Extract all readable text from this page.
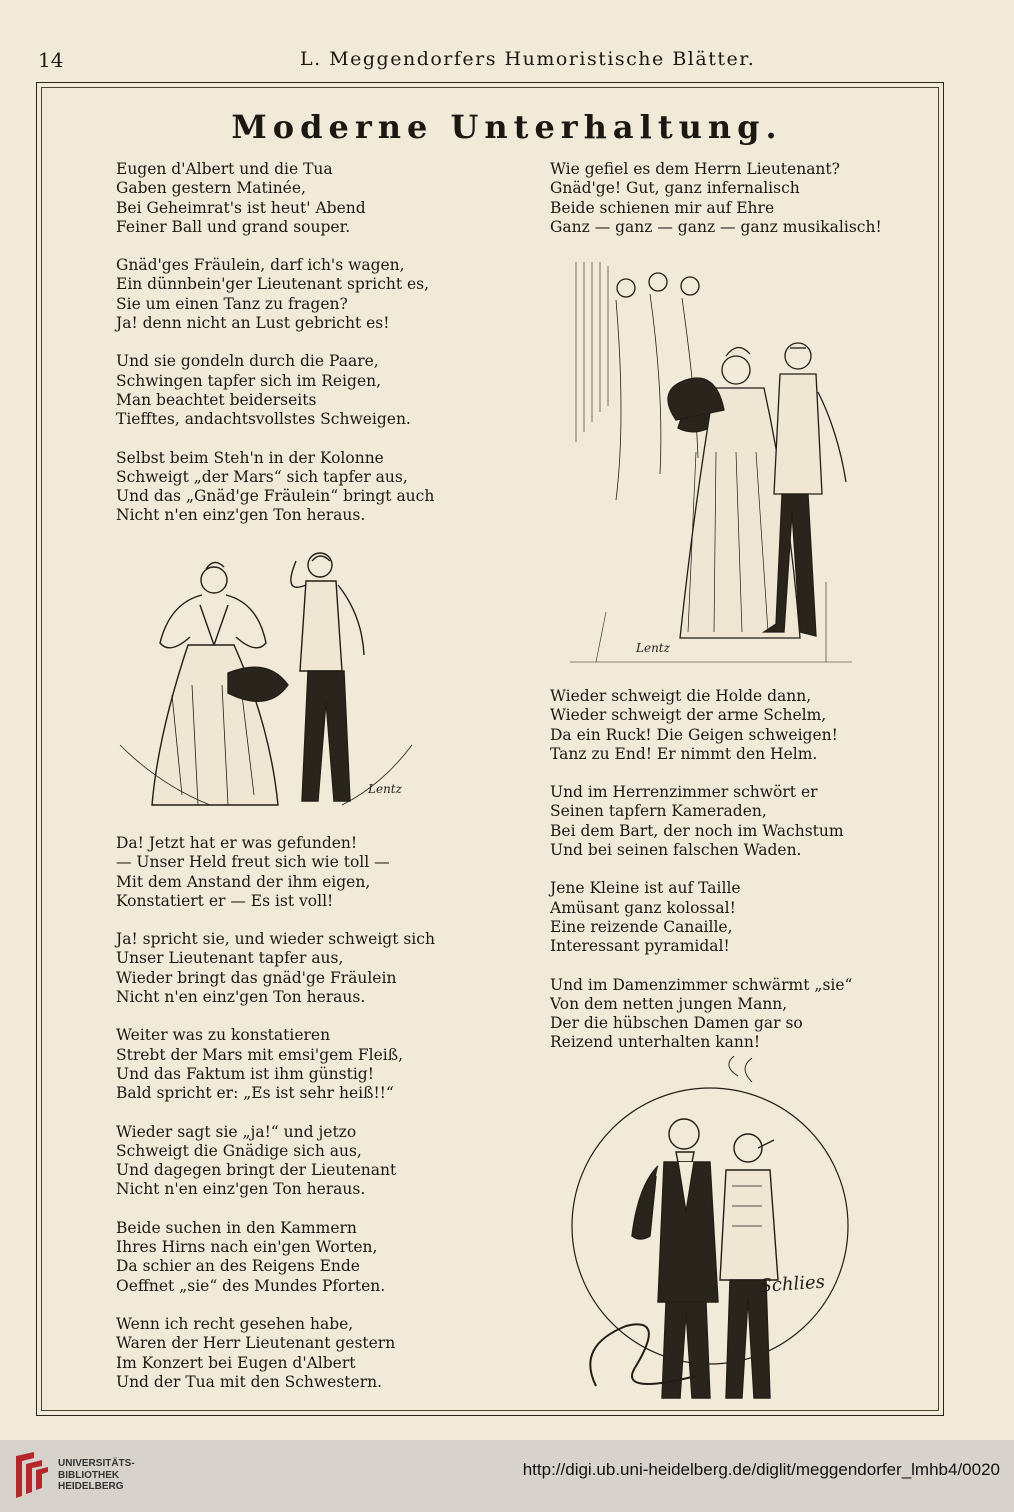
14	L. Meggendorfers Humoristische Blätter.
Moderne Unterhaltung.
Eugen d'Albert und die Tua
Gaben gestern Matinée,
Bei Geheimrat's ist heut' Abend
Feiner Ball und grand souper.
Gnäd'ges Fräulein, darf ich's wagen,
Ein dünnbein'ger Lieutenant spricht es,
Sie um einen Tanz zu fragen?
Ja! denn nicht an Lust gebricht es!
Und sie gondeln durch die Paare,
Schwingen tapfer sich im Reigen,
Man beachtet beiderseits
Tiefftes, andachtsvollstes Schweigen.
Selbst beim Steh'n in der Kolonne
Schweigt „der Mars“ sich tapfer aus,
Und das „Gnäd'ge Fräulein“ bringt auch
Nicht n'en einz'gen Ton heraus.
Lentz
Da! Jetzt hat er was gefunden!
— Unser Held freut sich wie toll —
Mit dem Anstand der ihm eigen,
Konstatiert er — Es ist voll!
Ja! spricht sie, und wieder schweigt sich
Unser Lieutenant tapfer aus,
Wieder bringt das gnäd'ge Fräulein
Nicht n'en einz'gen Ton heraus.
Weiter was zu konstatieren
Strebt der Mars mit emsi'gem Fleiß,
Und das Faktum ist ihm günstig!
Bald spricht er: „Es ist sehr heiß!!“
Wieder sagt sie „ja!“ und jetzo
Schweigt die Gnädige sich aus,
Und dagegen bringt der Lieutenant
Nicht n'en einz'gen Ton heraus.
Beide suchen in den Kammern
Ihres Hirns nach ein'gen Worten,
Da schier an des Reigens Ende
Oeffnet „sie“ des Mundes Pforten.
Wenn ich recht gesehen habe,
Waren der Herr Lieutenant gestern
Im Konzert bei Eugen d'Albert
Und der Tua mit den Schwestern.
Wie gefiel es dem Herrn Lieutenant?
Gnäd'ge! Gut, ganz infernalisch
Beide schienen mir auf Ehre
Ganz — ganz — ganz — ganz musikalisch!
Lentz
Wieder schweigt die Holde dann,
Wieder schweigt der arme Schelm,
Da ein Ruck! Die Geigen schweigen!
Tanz zu End! Er nimmt den Helm.
Und im Herrenzimmer schwört er
Seinen tapfern Kameraden,
Bei dem Bart, der noch im Wachstum
Und bei seinen falschen Waden.
Jene Kleine ist auf Taille
Amüsant ganz kolossal!
Eine reizende Canaille,
Interessant pyramidal!
Und im Damenzimmer schwärmt „sie“
Von dem netten jungen Mann,
Der die hübschen Damen gar so
Reizend unterhalten kann!
Schlies
UNIVERSITÄTS-
BIBLIOTHEK
HEIDELBERG
http://digi.ub.uni-heidelberg.de/diglit/meggendorfer_lmhb4/0020
